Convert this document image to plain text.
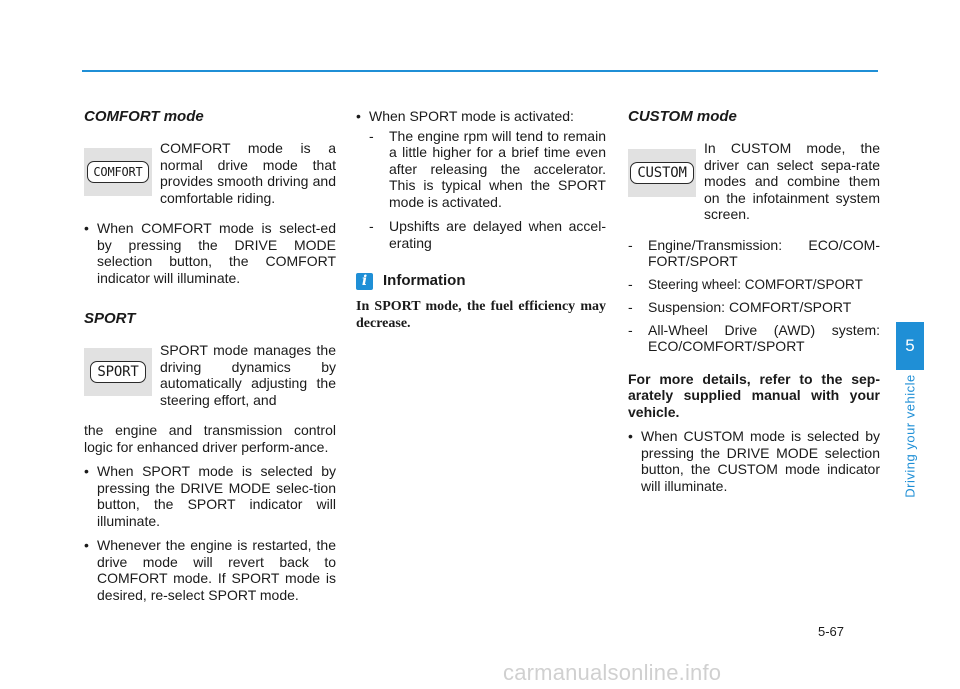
COMFORT mode
COMFORT

COMFORT mode is a normal drive mode that provides smooth driving and comfortable riding.

• When COMFORT mode is select-ed by pressing the DRIVE MODE selection button, the COMFORT indicator will illuminate.

SPORT
SPORT

SPORT mode manages the driving dynamics by automatically adjusting the steering effort, and

the engine and transmission control logic for enhanced driver perform-ance.

• When SPORT mode is selected by pressing the DRIVE MODE selec-tion button, the SPORT indicator will illuminate.

• Whenever the engine is restarted, the drive mode will revert back to COMFORT mode. If SPORT mode is desired, re-select SPORT mode.

• When SPORT mode is activated:

- The engine rpm will tend to remain a little higher for a brief time even after releasing the accelerator. This is typical when the SPORT mode is activated.

- Upshifts are delayed when accel-erating

i	Information

In SPORT mode, the fuel efficiency may decrease.

CUSTOM mode
CUSTOM

In CUSTOM mode, the driver can select sepa-rate modes and combine them on the infotainment system screen.

- Engine/Transmission: ECO/COM-FORT/SPORT

- Steering wheel: COMFORT/SPORT

- Suspension: COMFORT/SPORT

- All-Wheel Drive (AWD) system: ECO/COMFORT/SPORT

For more details, refer to the sep-arately supplied manual with your vehicle.

• When CUSTOM mode is selected by pressing the DRIVE MODE selection button, the CUSTOM mode indicator will illuminate.

5
Driving your vehicle
5-67
carmanualsonline.info
